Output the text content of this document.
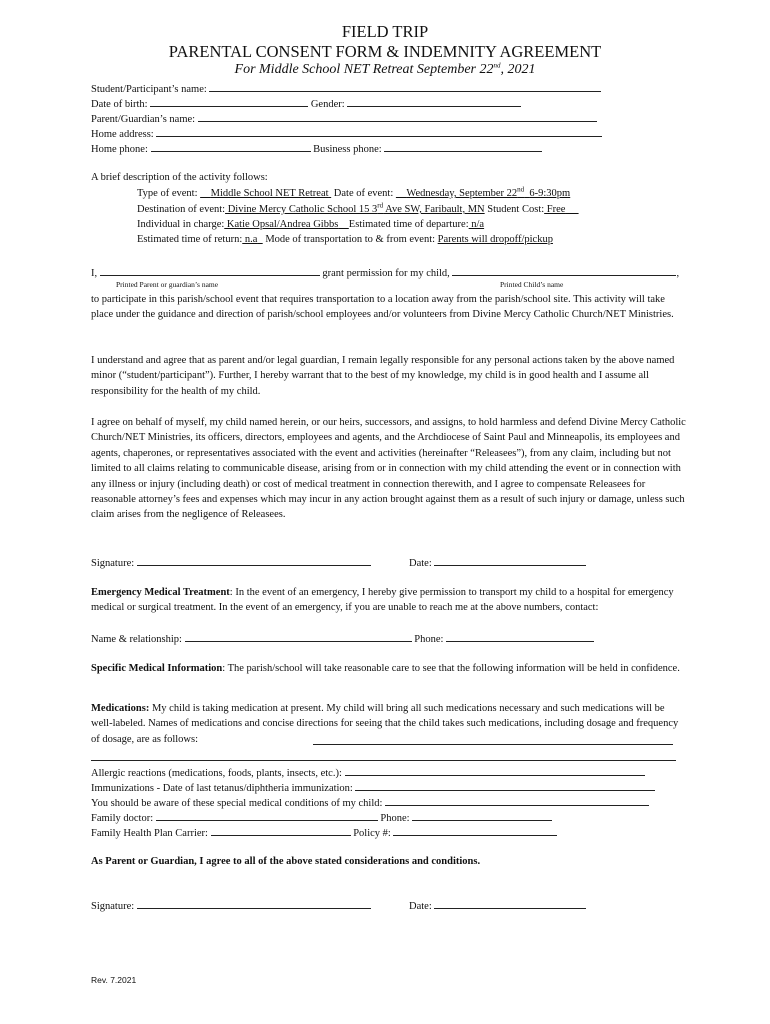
FIELD TRIP
PARENTAL CONSENT FORM & INDEMNITY AGREEMENT
For Middle School NET Retreat September 22nd, 2021
Student/Participant’s name:
Date of birth:	Gender:
Parent/Guardian’s name:
Home address:
Home phone:	Business phone:
A brief description of the activity follows:
Type of event: Middle School NET Retreat Date of event: Wednesday, September 22nd 6-9:30pm
Destination of event: Divine Mercy Catholic School 15 3rd Ave SW, Faribault, MN Student Cost: Free
Individual in charge: Katie Opsal/Andrea Gibbs Estimated time of departure: n/a
Estimated time of return: n.a Mode of transportation to & from event: Parents will dropoff/pickup
I,	grant permission for my child,	,
Printed Parent or guardian’s name	Printed Child’s name
to participate in this parish/school event that requires transportation to a location away from the parish/school site. This activity will take place under the guidance and direction of parish/school employees and/or volunteers from Divine Mercy Catholic Church/NET Ministries.
I understand and agree that as parent and/or legal guardian, I remain legally responsible for any personal actions taken by the above named minor (“student/participant”). Further, I hereby warrant that to the best of my knowledge, my child is in good health and I assume all responsibility for the health of my child.
I agree on behalf of myself, my child named herein, or our heirs, successors, and assigns, to hold harmless and defend Divine Mercy Catholic Church/NET Ministries, its officers, directors, employees and agents, and the Archdiocese of Saint Paul and Minneapolis, its employees and agents, chaperones, or representatives associated with the event and activities (hereinafter “Releasees”), from any claim, including but not limited to all claims relating to communicable disease, arising from or in connection with my child attending the event or in connection with any illness or injury (including death) or cost of medical treatment in connection therewith, and I agree to compensate Releasees for reasonable attorney’s fees and expenses which may incur in any action brought against them as a result of such injury or damage, unless such claim arises from the negligence of Releasees.
Signature:	Date:
Emergency Medical Treatment: In the event of an emergency, I hereby give permission to transport my child to a hospital for emergency medical or surgical treatment. In the event of an emergency, if you are unable to reach me at the above numbers, contact:
Name & relationship:	Phone:
Specific Medical Information: The parish/school will take reasonable care to see that the following information will be held in confidence.
Medications: My child is taking medication at present. My child will bring all such medications necessary and such medications will be well-labeled. Names of medications and concise directions for seeing that the child takes such medications, including dosage and frequency of dosage, are as follows:
Allergic reactions (medications, foods, plants, insects, etc.):
Immunizations - Date of last tetanus/diphtheria immunization:
You should be aware of these special medical conditions of my child:
Family doctor:	Phone:
Family Health Plan Carrier:	Policy #:
As Parent or Guardian, I agree to all of the above stated considerations and conditions.
Signature:	Date:
Rev. 7.2021
